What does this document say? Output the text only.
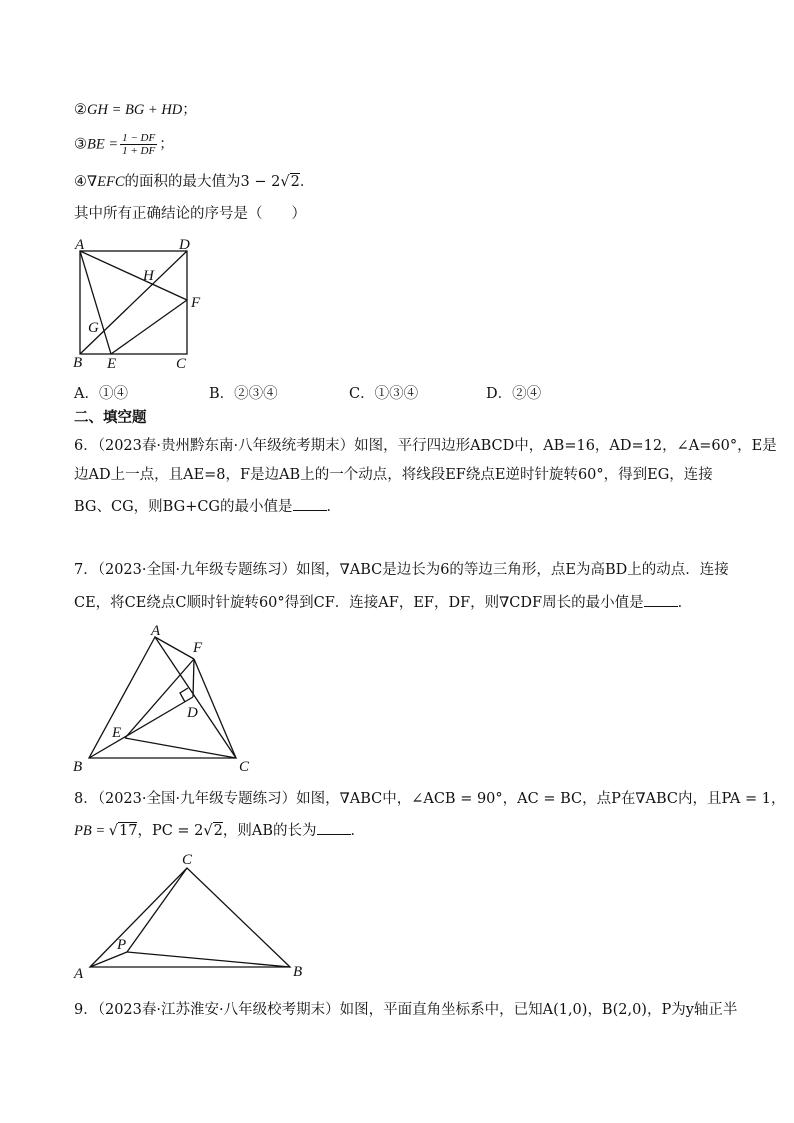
②GH = BG + HD；
③BE = $\frac{1 - DF}{1 + DF}$ ；
④∇EFC的面积的最大值为3 − 2√2．
其中所有正确结论的序号是（　　）
A	D
H
F
G
B E	C
A
F
D
E
B	C
C
P
A	B
A．①④	B．②③④	C．①③④	D．②④
二、填空题
6．（2023春·贵州黔东南·八年级统考期末）如图，平行四边形ABCD中，AB=16，AD=12，∠A=60°，E是
边AD上一点，且AE=8，F是边AB上的一个动点，将线段EF绕点E逆时针旋转60°，得到EG，连接
BG、CG，则BG+CG的最小值是 ．
7．（2023·全国·九年级专题练习）如图，∇ABC是边长为6的等边三角形，点E为高BD上的动点．连接
CE，将CE绕点C顺时针旋转60°得到CF．连接AF，EF，DF，则∇CDF周长的最小值是 ．
8．（2023·全国·九年级专题练习）如图，∇ABC中，∠ACB = 90°，AC = BC，点P在∇ABC内，且PA = 1，
PB = √17，PC = 2√2，则AB的长为 ．
9．（2023春·江苏淮安·八年级校考期末）如图，平面直角坐标系中，已知A(1,0)，B(2,0)，P为y轴正半
